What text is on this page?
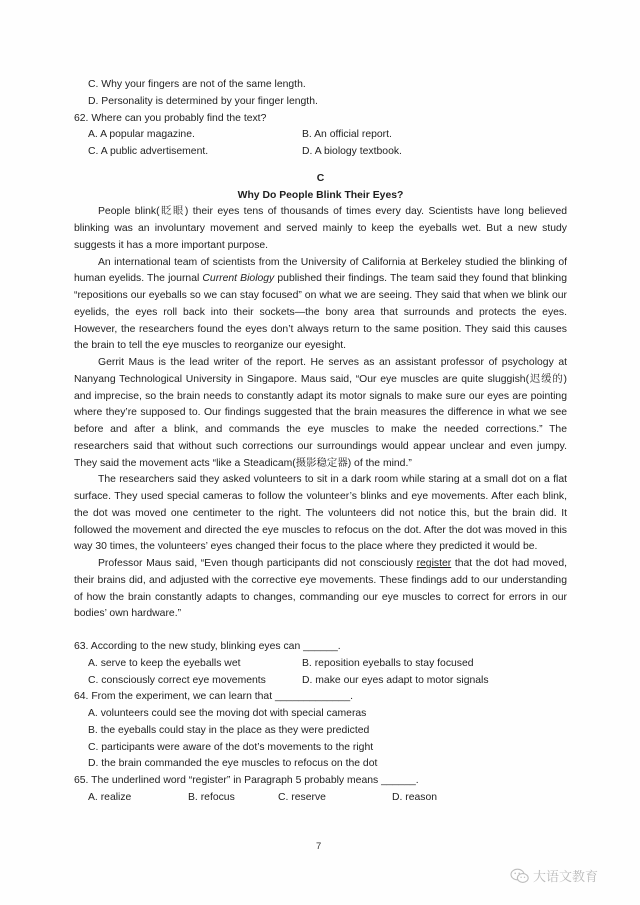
C. Why your fingers are not of the same length.
D. Personality is determined by your finger length.
62. Where can you probably find the text?
A. A popular magazine.	B. An official report.
C. A public advertisement.	D. A biology textbook.
C
Why Do People Blink Their Eyes?

People blink(眨眼) their eyes tens of thousands of times every day. Scientists have long believed blinking was an involuntary movement and served mainly to keep the eyeballs wet. But a new study suggests it has a more important purpose.

An international team of scientists from the University of California at Berkeley studied the blinking of human eyelids. The journal Current Biology published their findings. The team said they found that blinking “repositions our eyeballs so we can stay focused” on what we are seeing. They said that when we blink our eyelids, the eyes roll back into their sockets—the bony area that surrounds and protects the eyes. However, the researchers found the eyes don’t always return to the same position. They said this causes the brain to tell the eye muscles to reorganize our eyesight.

Gerrit Maus is the lead writer of the report. He serves as an assistant professor of psychology at Nanyang Technological University in Singapore. Maus said, “Our eye muscles are quite sluggish(迟缓的) and imprecise, so the brain needs to constantly adapt its motor signals to make sure our eyes are pointing where they’re supposed to. Our findings suggested that the brain measures the difference in what we see before and after a blink, and commands the eye muscles to make the needed corrections.” The researchers said that without such corrections our surroundings would appear unclear and even jumpy. They said the movement acts “like a Steadicam(摄影稳定器) of the mind.”

The researchers said they asked volunteers to sit in a dark room while staring at a small dot on a flat surface. They used special cameras to follow the volunteer’s blinks and eye movements. After each blink, the dot was moved one centimeter to the right. The volunteers did not notice this, but the brain did. It followed the movement and directed the eye muscles to refocus on the dot. After the dot was moved in this way 30 times, the volunteers’ eyes changed their focus to the place where they predicted it would be.

Professor Maus said, “Even though participants did not consciously register that the dot had moved, their brains did, and adjusted with the corrective eye movements. These findings add to our understanding of how the brain constantly adapts to changes, commanding our eye muscles to correct for errors in our bodies’ own hardware.”

63. According to the new study, blinking eyes can ______.
A. serve to keep the eyeballs wet	B. reposition eyeballs to stay focused
C. consciously correct eye movements	D. make our eyes adapt to motor signals
64. From the experiment, we can learn that _____________.
A. volunteers could see the moving dot with special cameras
B. the eyeballs could stay in the place as they were predicted
C. participants were aware of the dot’s movements to the right
D. the brain commanded the eye muscles to refocus on the dot
65. The underlined word “register” in Paragraph 5 probably means ______.
A. realize	B. refocus	C. reserve	D. reason
7
大语文教育
